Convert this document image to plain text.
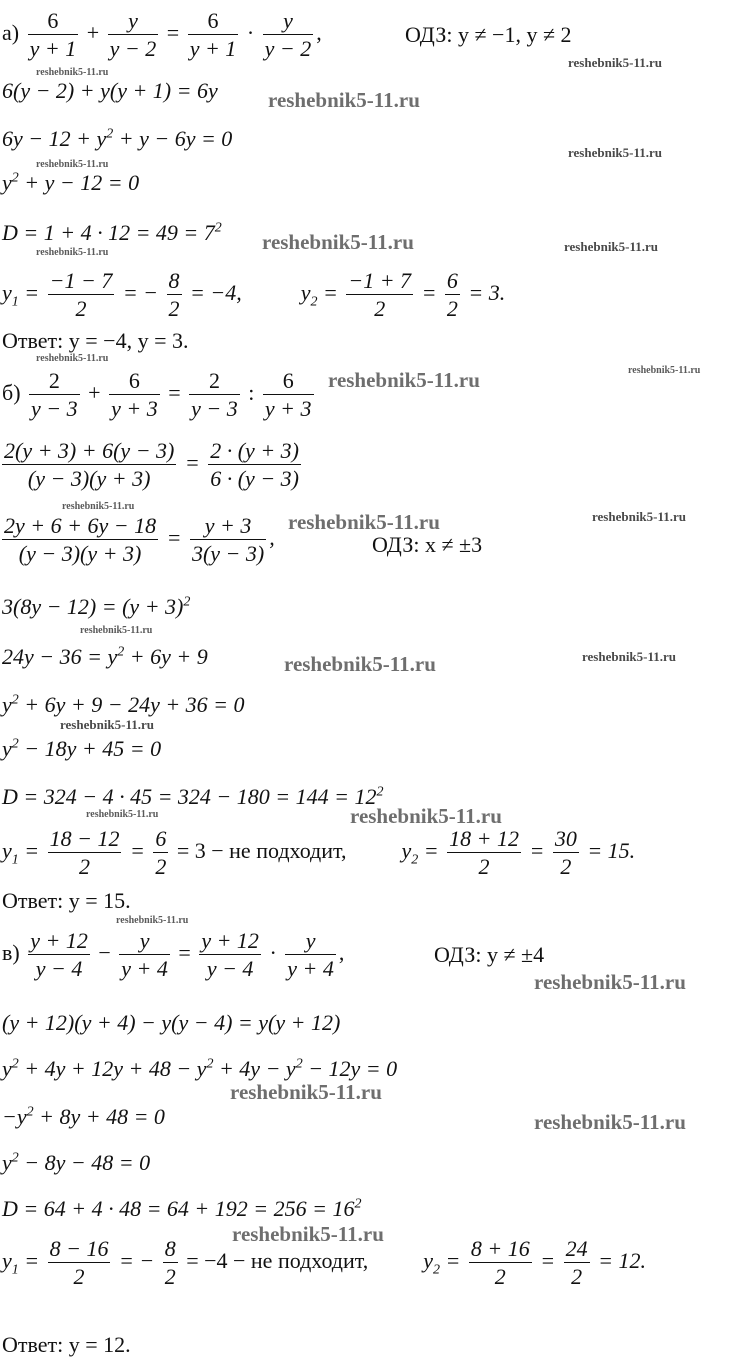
$а) \frac{6}{y + 1} + \frac{y}{y - 2} = \frac{6}{y + 1} \cdot \frac{y}{y - 2}$ ,	ОДЗ: y ≠ −1, y ≠ 2
6(y − 2) + y(y + 1) = 6y
$6y - 12 + y^2 + y - 6y = 0$
$y^2 + y - 12 = 0$
$D = 1 + 4 \cdot 12 = 49 = 7^2$
$y_1 = \frac{-1 - 7}{2}$ = − $\frac{8}{2} = -4$,  $y_2 = \frac{-1 + 7}{2} = \frac{6}{2} = 3$.
Ответ: y = −4, y = 3.
$б) \frac{2}{y - 3} + \frac{6}{y + 3} = \frac{2}{y - 3}$ : $\frac{6}{y + 3}$
$\frac{2(y + 3) + 6(y - 3)}{(y - 3)(y + 3)} = \frac{2 \cdot (y + 3)}{6 \cdot (y - 3)}$
$\frac{2y + 6 + 6y - 18}{(y - 3)(y + 3)} = \frac{y + 3}{3(y - 3)}$ ,	ОДЗ: x ≠ ±3
$3(8y - 12) = (y + 3)^2$
$24y - 36 = y^2 + 6y + 9$
$y^2 + 6y + 9 - 24y + 36 = 0$
$y^2 - 18y + 45 = 0$
$D = 324 - 4 \cdot 45 = 324 - 180 = 144 = 12^2$
$y_1 = \frac{18 - 12}{2} = \frac{6}{2} = 3$ − не подходит,  $y_2 = \frac{18 + 12}{2} = \frac{30}{2} = 15$.
Ответ: y = 15.
$в) \frac{y + 12}{y - 4} - \frac{y}{y + 4} = \frac{y + 12}{y - 4} \cdot \frac{y}{y + 4}$ ,	ОДЗ: y ≠ ±4
(y + 12)(y + 4) − y(y − 4) = y(y + 12)
$y^2 + 4y + 12y + 48 - y^2 + 4y - y^2 - 12y = 0$
$-y^2 + 8y + 48 = 0$
$y^2 - 8y - 48 = 0$
$D = 64 + 4 \cdot 48 = 64 + 192 = 256 = 16^2$
$y_1 = \frac{8 - 16}{2}$ = − $\frac{8}{2} = -4$ − не подходит,  $y_2 = \frac{8 + 16}{2} = \frac{24}{2} = 12$.
Ответ: y = 12.
reshebnik5-11.ru
reshebnik5-11.ru
reshebnik5-11.ru
reshebnik5-11.ru
reshebnik5-11.ru
reshebnik5-11.ru	reshebnik5-11.ru
reshebnik5-11.ru
reshebnik5-11.ru
reshebnik5-11.ru	reshebnik5-11.ru
reshebnik5-11.ru
reshebnik5-11.ru
reshebnik5-11.ru
reshebnik5-11.ru
reshebnik5-11.ru	reshebnik5-11.ru
reshebnik5-11.ru
reshebnik5-11.ru
reshebnik5-11.ru
reshebnik5-11.ru
reshebnik5-11.ru
reshebnik5-11.ru
reshebnik5-11.ru
reshebnik5-11.ru
